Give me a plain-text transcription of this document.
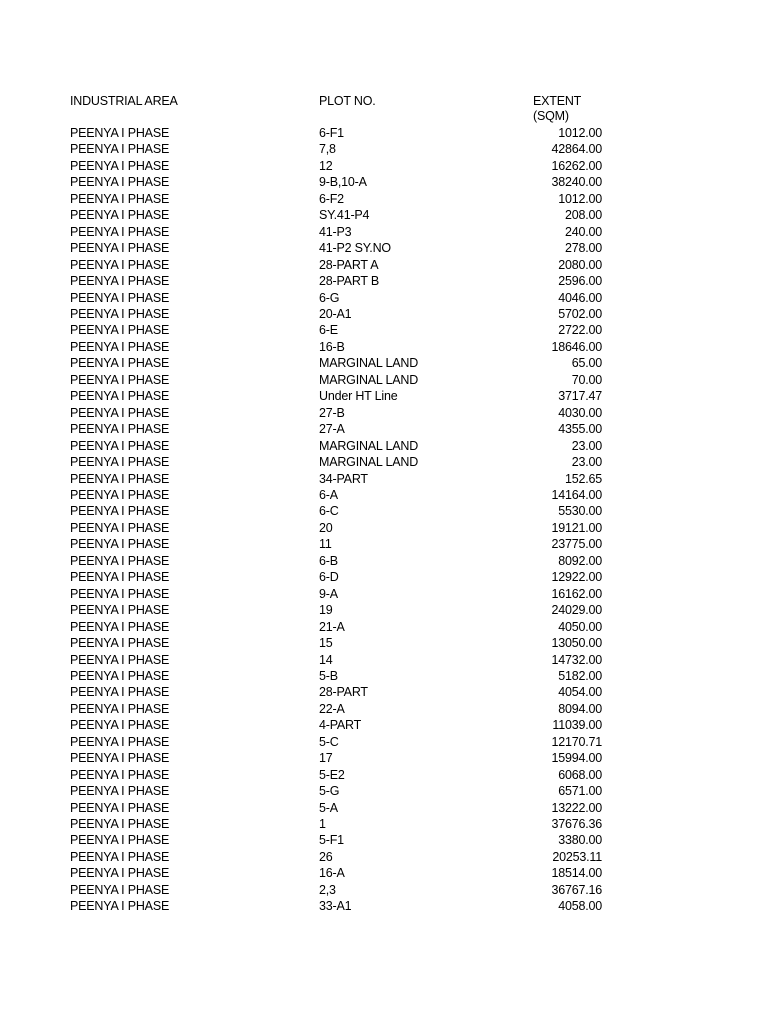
INDUSTRIAL AREA	PLOT NO.	EXTENT (SQM)
PEENYA I PHASE	6-F1	1012.00
PEENYA I PHASE	7,8	42864.00
PEENYA I PHASE	12	16262.00
PEENYA I PHASE	9-B,10-A	38240.00
PEENYA I PHASE	6-F2	1012.00
PEENYA I PHASE	SY.41-P4	208.00
PEENYA I PHASE	41-P3	240.00
PEENYA I PHASE	41-P2 SY.NO	278.00
PEENYA I PHASE	28-PART A	2080.00
PEENYA I PHASE	28-PART B	2596.00
PEENYA I PHASE	6-G	4046.00
PEENYA I PHASE	20-A1	5702.00
PEENYA I PHASE	6-E	2722.00
PEENYA I PHASE	16-B	18646.00
PEENYA I PHASE	MARGINAL LAND	65.00
PEENYA I PHASE	MARGINAL LAND	70.00
PEENYA I PHASE	Under HT Line	3717.47
PEENYA I PHASE	27-B	4030.00
PEENYA I PHASE	27-A	4355.00
PEENYA I PHASE	MARGINAL LAND	23.00
PEENYA I PHASE	MARGINAL LAND	23.00
PEENYA I PHASE	34-PART	152.65
PEENYA I PHASE	6-A	14164.00
PEENYA I PHASE	6-C	5530.00
PEENYA I PHASE	20	19121.00
PEENYA I PHASE	11	23775.00
PEENYA I PHASE	6-B	8092.00
PEENYA I PHASE	6-D	12922.00
PEENYA I PHASE	9-A	16162.00
PEENYA I PHASE	19	24029.00
PEENYA I PHASE	21-A	4050.00
PEENYA I PHASE	15	13050.00
PEENYA I PHASE	14	14732.00
PEENYA I PHASE	5-B	5182.00
PEENYA I PHASE	28-PART	4054.00
PEENYA I PHASE	22-A	8094.00
PEENYA I PHASE	4-PART	11039.00
PEENYA I PHASE	5-C	12170.71
PEENYA I PHASE	17	15994.00
PEENYA I PHASE	5-E2	6068.00
PEENYA I PHASE	5-G	6571.00
PEENYA I PHASE	5-A	13222.00
PEENYA I PHASE	1	37676.36
PEENYA I PHASE	5-F1	3380.00
PEENYA I PHASE	26	20253.11
PEENYA I PHASE	16-A	18514.00
PEENYA I PHASE	2,3	36767.16
PEENYA I PHASE	33-A1	4058.00
